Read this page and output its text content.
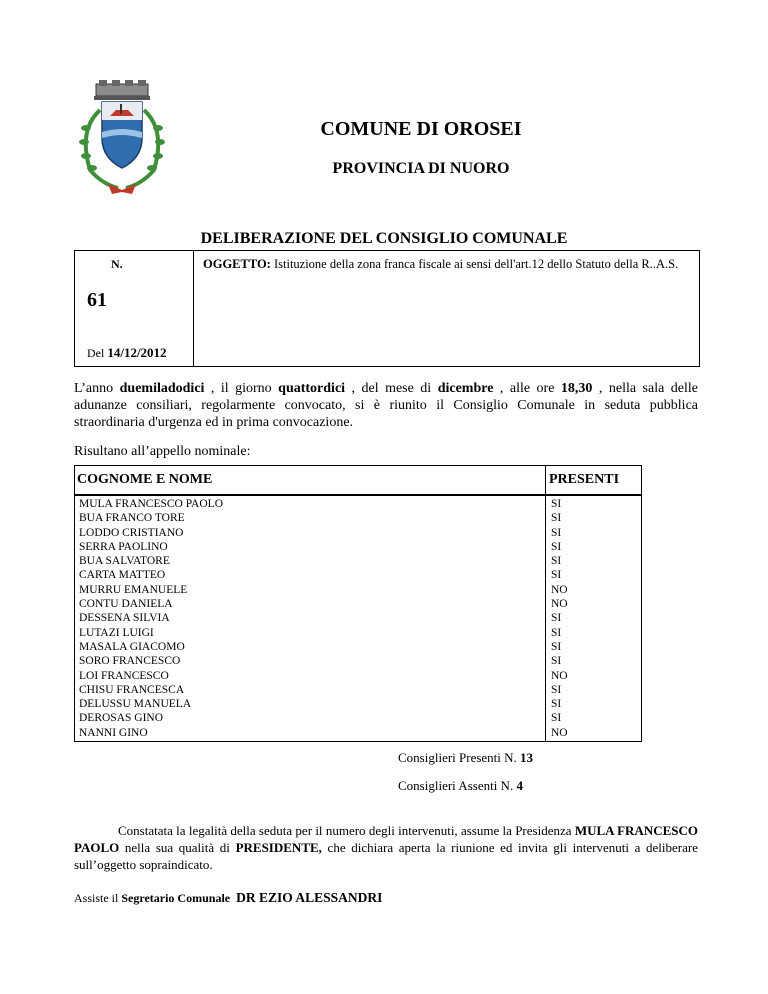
COMUNE DI OROSEI
PROVINCIA DI NUORO
DELIBERAZIONE DEL CONSIGLIO COMUNALE
N.
61
Del 14/12/2012
OGGETTO: Istituzione della zona franca fiscale ai sensi dell'art.12 dello Statuto della R..A.S.
L’anno duemiladodici , il giorno quattordici , del mese di dicembre , alle ore 18,30 , nella sala delle adunanze consiliari, regolarmente convocato, si è riunito il Consiglio Comunale in seduta pubblica straordinaria d'urgenza ed in prima convocazione.
Risultano all’appello nominale:
COGNOME E NOME	PRESENTI
MULA FRANCESCO PAOLO	SI
BUA FRANCO TORE	SI
LODDO CRISTIANO	SI
SERRA PAOLINO	SI
BUA SALVATORE	SI
CARTA MATTEO	SI
MURRU EMANUELE	NO
CONTU DANIELA	NO
DESSENA SILVIA	SI
LUTAZI LUIGI	SI
MASALA GIACOMO	SI
SORO FRANCESCO	SI
LOI FRANCESCO	NO
CHISU FRANCESCA	SI
DELUSSU MANUELA	SI
DEROSAS GINO	SI
NANNI GINO	NO
Consiglieri Presenti N. 13
Consiglieri Assenti N. 4
Constatata la legalità della seduta per il numero degli intervenuti, assume la Presidenza MULA FRANCESCO PAOLO nella sua qualità di PRESIDENTE, che dichiara aperta la riunione ed invita gli intervenuti a deliberare sull’oggetto sopraindicato.
Assiste il Segretario Comunale DR EZIO ALESSANDRI
